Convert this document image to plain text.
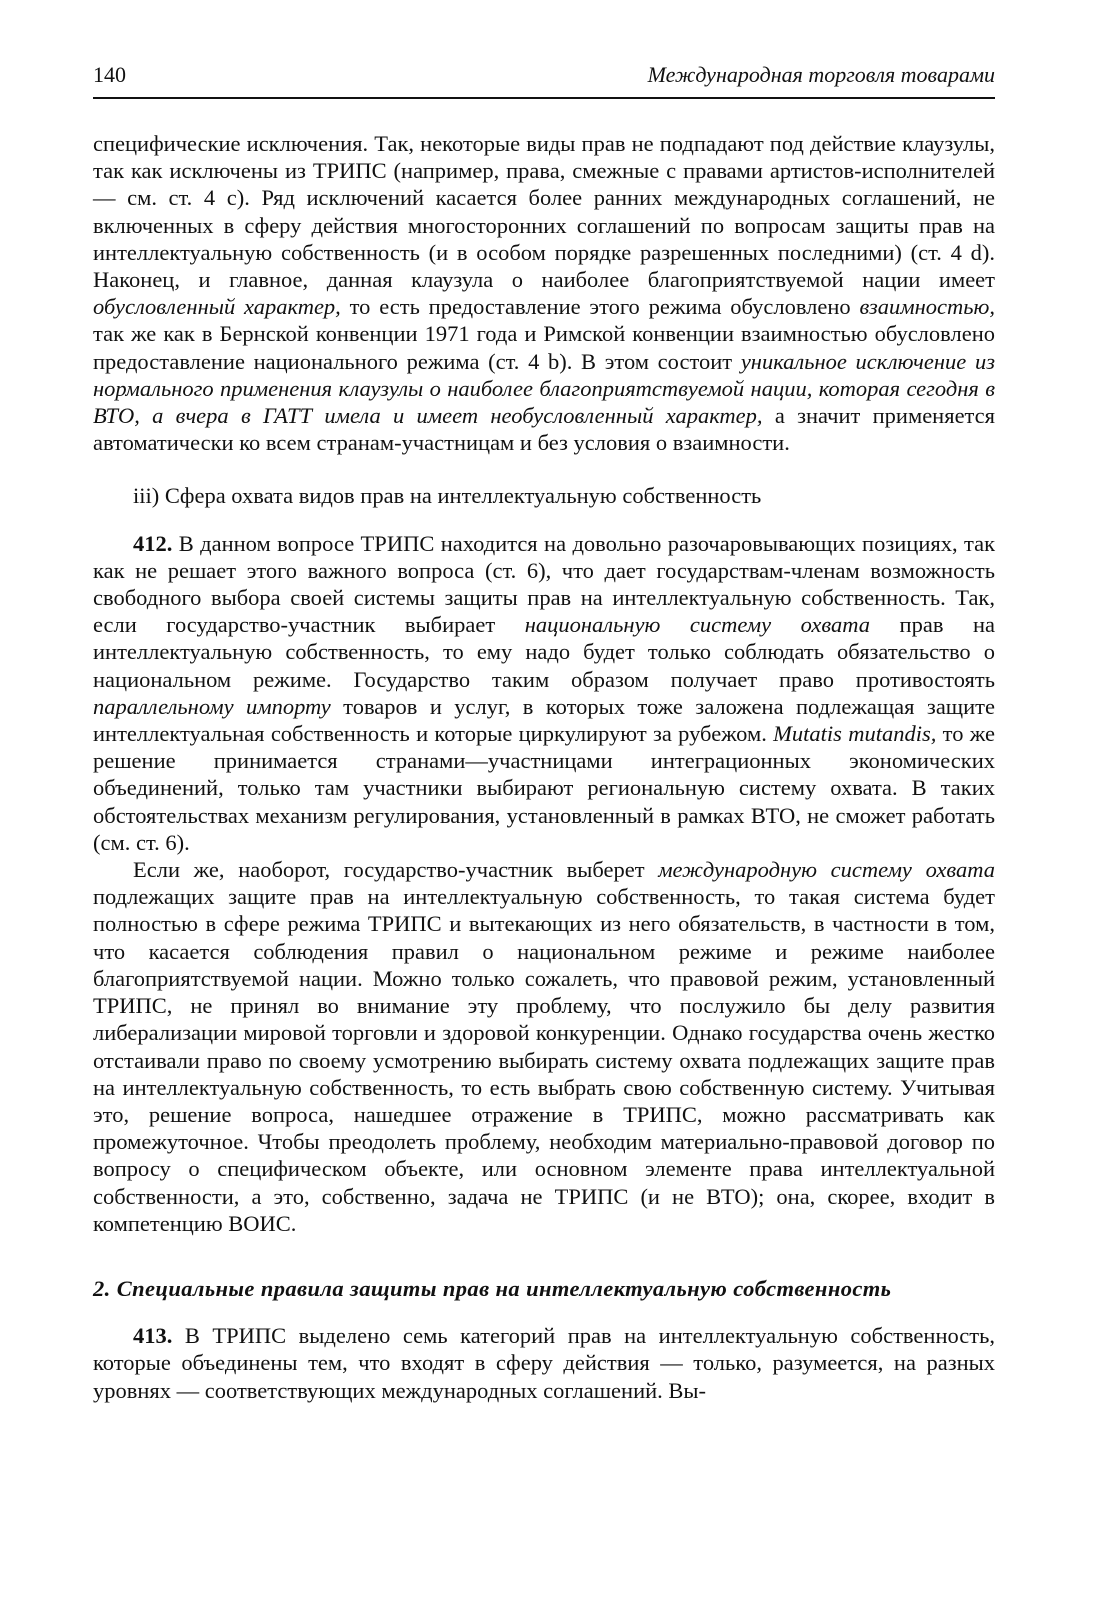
140	Международная торговля товарами

специфические исключения. Так, некоторые виды прав не подпадают под действие клаузулы, так как исключены из ТРИПС (например, права, смежные с правами артистов-исполнителей — см. ст. 4 с). Ряд исключений касается более ранних международных соглашений, не включенных в сферу действия многосторонних соглашений по вопросам защиты прав на интеллектуальную собственность (и в особом порядке разрешенных последними) (ст. 4 d). Наконец, и главное, данная клаузула о наиболее благоприятствуемой нации имеет обусловленный характер, то есть предоставление этого режима обусловлено взаимностью, так же как в Бернской конвенции 1971 года и Римской конвенции взаимностью обусловлено предоставление национального режима (ст. 4 b). В этом состоит уникальное исключение из нормального применения клаузулы о наиболее благоприятствуемой нации, которая сегодня в ВТО, а вчера в ГАТТ имела и имеет необусловленный характер, а значит применяется автоматически ко всем странам-участницам и без условия о взаимности.

iii) Сфера охвата видов прав на интеллектуальную собственность

412. В данном вопросе ТРИПС находится на довольно разочаровывающих позициях, так как не решает этого важного вопроса (ст. 6), что дает государствам-членам возможность свободного выбора своей системы защиты прав на интеллектуальную собственность. Так, если государство-участник выбирает национальную систему охвата прав на интеллектуальную собственность, то ему надо будет только соблюдать обязательство о национальном режиме. Государство таким образом получает право противостоять параллельному импорту товаров и услуг, в которых тоже заложена подлежащая защите интеллектуальная собственность и которые циркулируют за рубежом. Mutatis mutandis, то же решение принимается странами—участницами интеграционных экономических объединений, только там участники выбирают региональную систему охвата. В таких обстоятельствах механизм регулирования, установленный в рамках ВТО, не сможет работать (см. ст. 6).

Если же, наоборот, государство-участник выберет международную систему охвата подлежащих защите прав на интеллектуальную собственность, то такая система будет полностью в сфере режима ТРИПС и вытекающих из него обязательств, в частности в том, что касается соблюдения правил о национальном режиме и режиме наиболее благоприятствуемой нации. Можно только сожалеть, что правовой режим, установленный ТРИПС, не принял во внимание эту проблему, что послужило бы делу развития либерализации мировой торговли и здоровой конкуренции. Однако государства очень жестко отстаивали право по своему усмотрению выбирать систему охвата подлежащих защите прав на интеллектуальную собственность, то есть выбрать свою собственную систему. Учитывая это, решение вопроса, нашедшее отражение в ТРИПС, можно рассматривать как промежуточное. Чтобы преодолеть проблему, необходим материально-правовой договор по вопросу о специфическом объекте, или основном элементе права интеллектуальной собственности, а это, собственно, задача не ТРИПС (и не ВТО); она, скорее, входит в компетенцию ВОИС.

2. Специальные правила защиты прав на интеллектуальную собственность

413. В ТРИПС выделено семь категорий прав на интеллектуальную собственность, которые объединены тем, что входят в сферу действия — только, разумеется, на разных уровнях — соответствующих международных соглашений. Вы-
